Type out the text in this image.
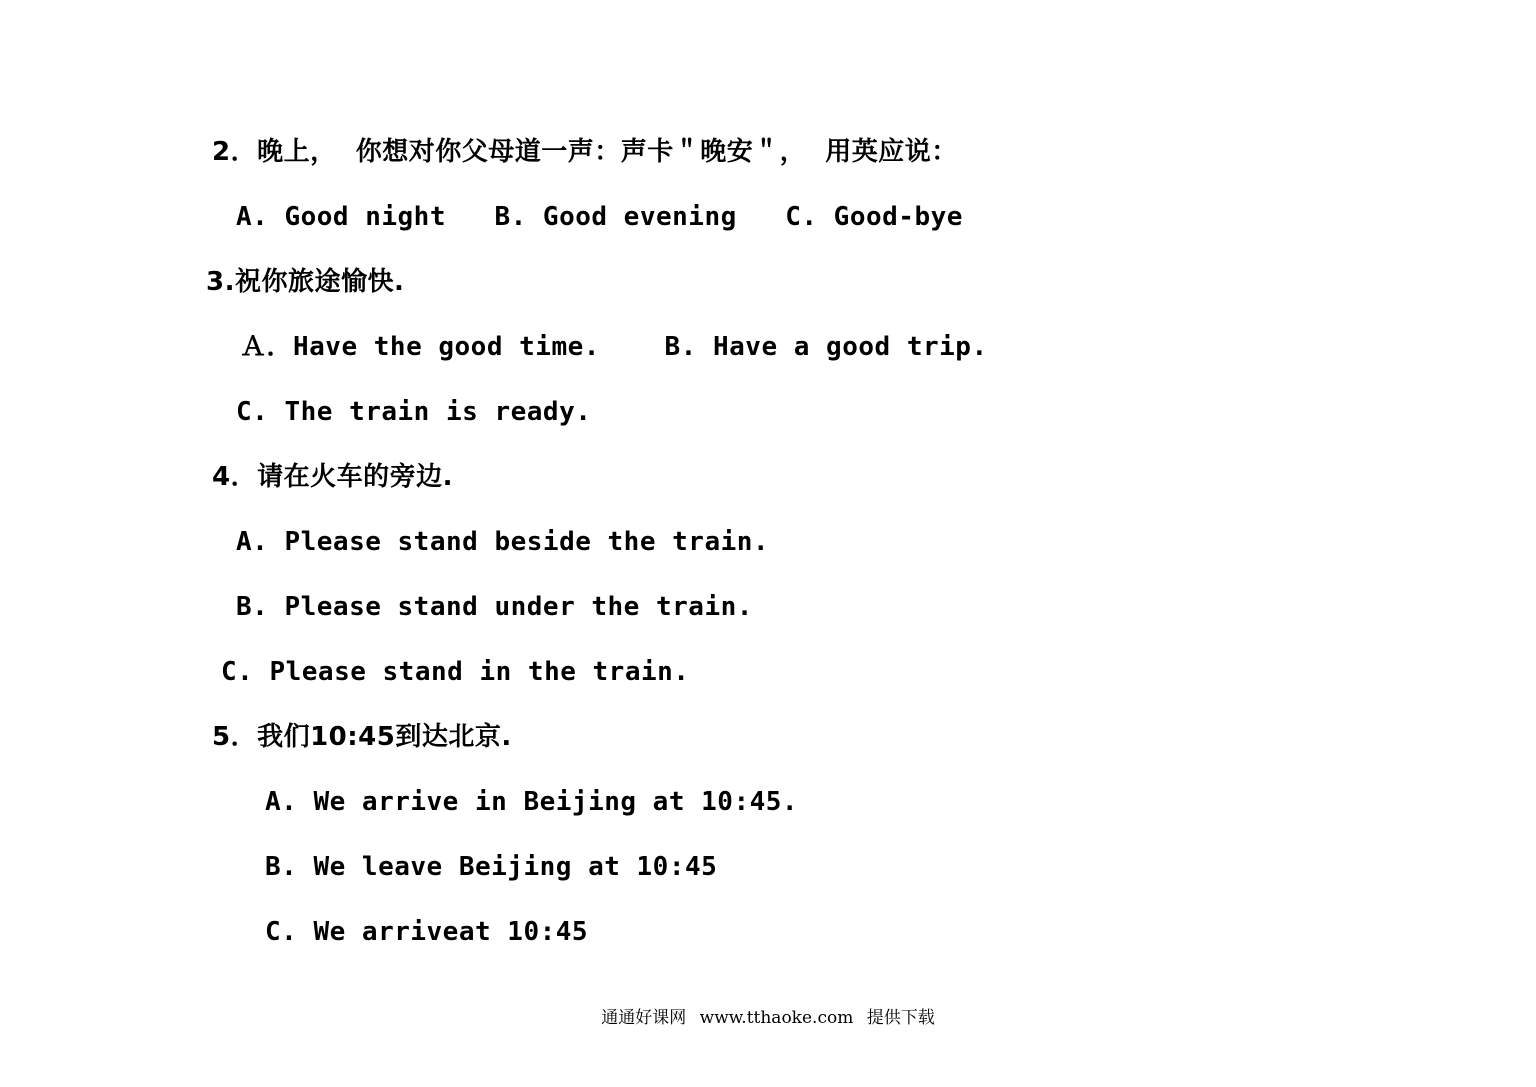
2．晚上，  你想对你父母道一声：声卡＂晚安＂，  用英应说：
A. Good night   B. Good evening   C. Good-bye
3.祝你旅途愉快.
Ａ．Have the good time.    B. Have a good trip.
C. The train is ready.
4．请在火车的旁边.
A. Please stand beside the train.
B. Please stand under the train.
C. Please stand in the train.
5．我们10:45到达北京.
A. We arrive in Beijing at 10:45.
B. We leave Beijing at 10:45
C. We arriveat 10:45
通通好课网 www.tthaoke.com 提供下载
